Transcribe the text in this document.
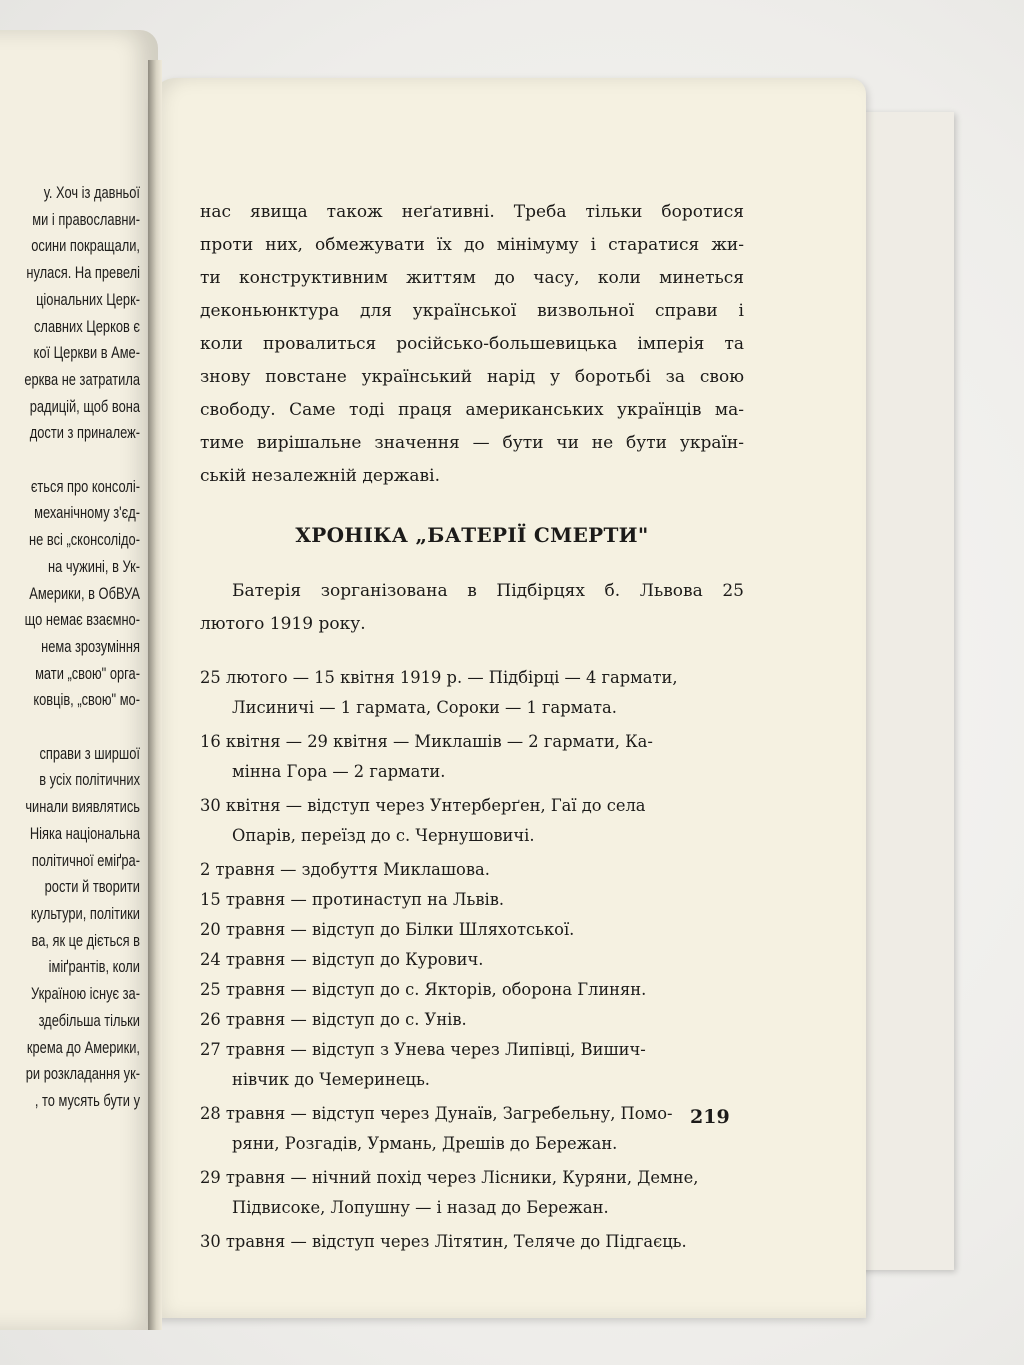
у. Хоч із давньої
ми і православни-
осини покращали,
нулася. На превелі
ціональних Церк-
славних Церков є
кої Церкви в Аме-
ерква не затратила
радицій, щоб вона
дости з приналеж-

ється про консолі-
механічному з'єд-
не всі „сконсолідо-
на чужині, в Ук-
Америки, в ОбВУА
що немає взаємно-
нема зрозуміння
мати „свою" орга-
ковців, „свою" мо-

справи з ширшої
в усіх політичних
чинали виявлятись
Ніяка національна
політичної еміґра-
рости й творити
культури, політики
ва, як це діється в
іміґрантів, коли
Україною існує за-
здебільша тільки
крема до Америки,
ри розкладання ук-
, то мусять бути у
нас явища також неґативні. Треба тільки боротися
проти них, обмежувати їх до мінімуму і старатися жи-
ти конструктивним життям до часу, коли минеться
деконьюнктура для української визвольної справи і
коли провалиться російсько-большевицька імперія та
знову повстане український нарід у боротьбі за свою
свободу. Саме тоді праця американських українців ма-
тиме вирішальне значення — бути чи не бути україн-
ській незалежній державі.
ХРОНІКА „БАТЕРІЇ СМЕРТИ"
Батерія зорганізована в Підбірцях б. Львова 25
лютого 1919 року.
25 лютого — 15 квітня 1919 р. — Підбірці — 4 гармати,
Лисиничі — 1 гармата, Сороки — 1 гармата.
16 квітня — 29 квітня — Миклашів — 2 гармати, Ка-
мінна Гора — 2 гармати.
30 квітня — відступ через Унтерберґен, Гаї до села
Опарів, переїзд до с. Чернушовичі.
2 травня — здобуття Миклашова.
15 травня — протинаступ на Львів.
20 травня — відступ до Білки Шляхотської.
24 травня — відступ до Курович.
25 травня — відступ до с. Якторів, оборона Глинян.
26 травня — відступ до с. Унів.
27 травня — відступ з Унева через Липівці, Вишич-
нівчик до Чемеринець.
28 травня — відступ через Дунаїв, Загребельну, Помо-
ряни, Розгадів, Урмань, Дрешів до Бережан.
29 травня — нічний похід через Лісники, Куряни, Демне,
Підвисоке, Лопушну — і назад до Бережан.
30 травня — відступ через Літятин, Теляче до Підгаєць.
219
